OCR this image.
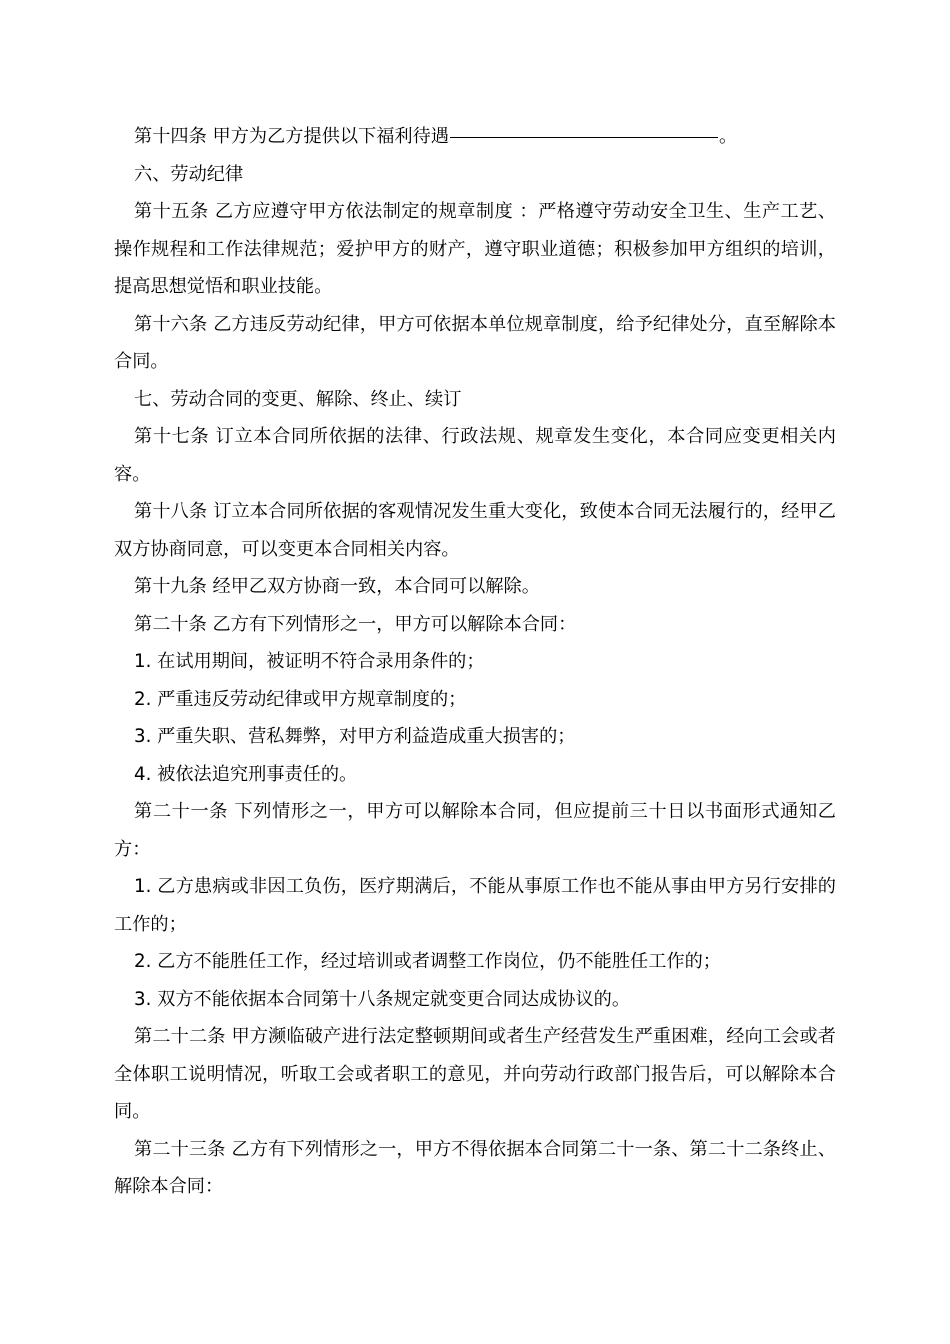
第十四条 甲方为乙方提供以下福利待遇	。

六、劳动纪律

第十五条 乙方应遵守甲方依法制定的规章制度 ：严格遵守劳动安全卫生、生产工艺、操作规程和工作法律规范；爱护甲方的财产，遵守职业道德；积极参加甲方组织的培训，提高思想觉悟和职业技能。

第十六条 乙方违反劳动纪律，甲方可依据本单位规章制度，给予纪律处分，直至解除本合同。

七、劳动合同的变更、解除、终止、续订

第十七条 订立本合同所依据的法律、行政法规、规章发生变化，本合同应变更相关内容。

第十八条 订立本合同所依据的客观情况发生重大变化，致使本合同无法履行的，经甲乙双方协商同意，可以变更本合同相关内容。

第十九条 经甲乙双方协商一致，本合同可以解除。

第二十条 乙方有下列情形之一，甲方可以解除本合同：

1. 在试用期间，被证明不符合录用条件的；

2. 严重违反劳动纪律或甲方规章制度的；

3. 严重失职、营私舞弊，对甲方利益造成重大损害的；

4. 被依法追究刑事责任的。

第二十一条 下列情形之一，甲方可以解除本合同，但应提前三十日以书面形式通知乙方：

1. 乙方患病或非因工负伤，医疗期满后，不能从事原工作也不能从事由甲方另行安排的工作的；

2. 乙方不能胜任工作，经过培训或者调整工作岗位，仍不能胜任工作的；

3. 双方不能依据本合同第十八条规定就变更合同达成协议的。

第二十二条 甲方濒临破产进行法定整顿期间或者生产经营发生严重困难，经向工会或者全体职工说明情况，听取工会或者职工的意见，并向劳动行政部门报告后，可以解除本合同。

第二十三条 乙方有下列情形之一，甲方不得依据本合同第二十一条、第二十二条终止、解除本合同：
